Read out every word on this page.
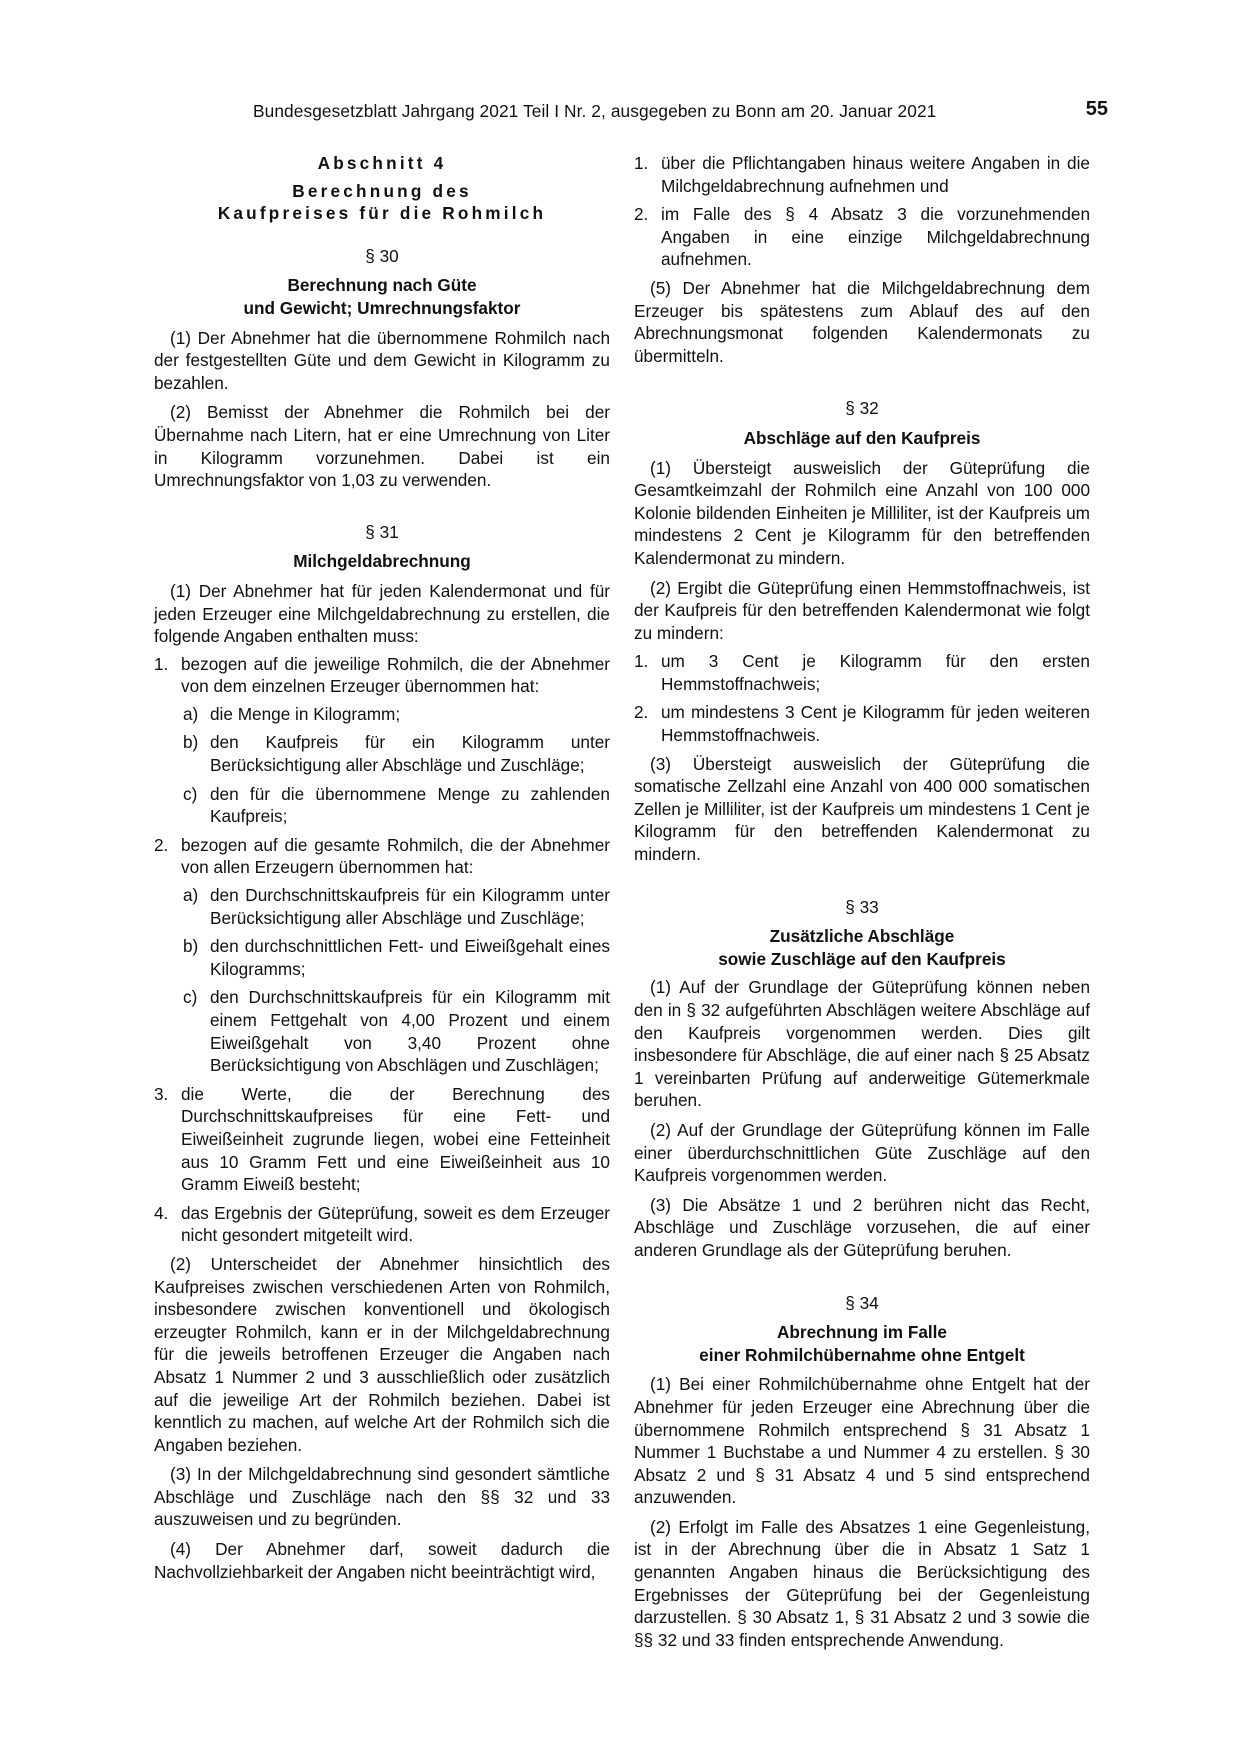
Bundesgesetzblatt Jahrgang 2021 Teil I Nr. 2, ausgegeben zu Bonn am 20. Januar 2021	55

Abschnitt 4

Berechnung des

Kaufpreises für die Rohmilch

§ 30

Berechnung nach Güte

und Gewicht; Umrechnungsfaktor

(1) Der Abnehmer hat die übernommene Rohmilch nach der festgestellten Güte und dem Gewicht in Kilogramm zu bezahlen.

(2) Bemisst der Abnehmer die Rohmilch bei der Übernahme nach Litern, hat er eine Umrechnung von Liter in Kilogramm vorzunehmen. Dabei ist ein Umrechnungsfaktor von 1,03 zu verwenden.

§ 31

Milchgeldabrechnung

(1) Der Abnehmer hat für jeden Kalendermonat und für jeden Erzeuger eine Milchgeldabrechnung zu erstellen, die folgende Angaben enthalten muss:

1. bezogen auf die jeweilige Rohmilch, die der Abnehmer von dem einzelnen Erzeuger übernommen hat:
a) die Menge in Kilogramm;
b) den Kaufpreis für ein Kilogramm unter Berücksichtigung aller Abschläge und Zuschläge;
c) den für die übernommene Menge zu zahlenden Kaufpreis;
2. bezogen auf die gesamte Rohmilch, die der Abnehmer von allen Erzeugern übernommen hat:
a) den Durchschnittskaufpreis für ein Kilogramm unter Berücksichtigung aller Abschläge und Zuschläge;
b) den durchschnittlichen Fett- und Eiweißgehalt eines Kilogramms;
c) den Durchschnittskaufpreis für ein Kilogramm mit einem Fettgehalt von 4,00 Prozent und einem Eiweißgehalt von 3,40 Prozent ohne Berücksichtigung von Abschlägen und Zuschlägen;
3. die Werte, die der Berechnung des Durchschnittskaufpreises für eine Fett- und Eiweißeinheit zugrunde liegen, wobei eine Fetteinheit aus 10 Gramm Fett und eine Eiweißeinheit aus 10 Gramm Eiweiß besteht;
4. das Ergebnis der Güteprüfung, soweit es dem Erzeuger nicht gesondert mitgeteilt wird.

(2) Unterscheidet der Abnehmer hinsichtlich des Kaufpreises zwischen verschiedenen Arten von Rohmilch, insbesondere zwischen konventionell und ökologisch erzeugter Rohmilch, kann er in der Milchgeldabrechnung für die jeweils betroffenen Erzeuger die Angaben nach Absatz 1 Nummer 2 und 3 ausschließlich oder zusätzlich auf die jeweilige Art der Rohmilch beziehen. Dabei ist kenntlich zu machen, auf welche Art der Rohmilch sich die Angaben beziehen.

(3) In der Milchgeldabrechnung sind gesondert sämtliche Abschläge und Zuschläge nach den §§ 32 und 33 auszuweisen und zu begründen.

(4) Der Abnehmer darf, soweit dadurch die Nachvollziehbarkeit der Angaben nicht beeinträchtigt wird,

1. über die Pflichtangaben hinaus weitere Angaben in die Milchgeldabrechnung aufnehmen und
2. im Falle des § 4 Absatz 3 die vorzunehmenden Angaben in eine einzige Milchgeldabrechnung aufnehmen.

(5) Der Abnehmer hat die Milchgeldabrechnung dem Erzeuger bis spätestens zum Ablauf des auf den Abrechnungsmonat folgenden Kalendermonats zu übermitteln.

§ 32

Abschläge auf den Kaufpreis

(1) Übersteigt ausweislich der Güteprüfung die Gesamtkeimzahl der Rohmilch eine Anzahl von 100 000 Kolonie bildenden Einheiten je Milliliter, ist der Kaufpreis um mindestens 2 Cent je Kilogramm für den betreffenden Kalendermonat zu mindern.

(2) Ergibt die Güteprüfung einen Hemmstoffnachweis, ist der Kaufpreis für den betreffenden Kalendermonat wie folgt zu mindern:

1. um 3 Cent je Kilogramm für den ersten Hemmstoffnachweis;
2. um mindestens 3 Cent je Kilogramm für jeden weiteren Hemmstoffnachweis.

(3) Übersteigt ausweislich der Güteprüfung die somatische Zellzahl eine Anzahl von 400 000 somatischen Zellen je Milliliter, ist der Kaufpreis um mindestens 1 Cent je Kilogramm für den betreffenden Kalendermonat zu mindern.

§ 33

Zusätzliche Abschläge

sowie Zuschläge auf den Kaufpreis

(1) Auf der Grundlage der Güteprüfung können neben den in § 32 aufgeführten Abschlägen weitere Abschläge auf den Kaufpreis vorgenommen werden. Dies gilt insbesondere für Abschläge, die auf einer nach § 25 Absatz 1 vereinbarten Prüfung auf anderweitige Gütemerkmale beruhen.

(2) Auf der Grundlage der Güteprüfung können im Falle einer überdurchschnittlichen Güte Zuschläge auf den Kaufpreis vorgenommen werden.

(3) Die Absätze 1 und 2 berühren nicht das Recht, Abschläge und Zuschläge vorzusehen, die auf einer anderen Grundlage als der Güteprüfung beruhen.

§ 34

Abrechnung im Falle

einer Rohmilchübernahme ohne Entgelt

(1) Bei einer Rohmilchübernahme ohne Entgelt hat der Abnehmer für jeden Erzeuger eine Abrechnung über die übernommene Rohmilch entsprechend § 31 Absatz 1 Nummer 1 Buchstabe a und Nummer 4 zu erstellen. § 30 Absatz 2 und § 31 Absatz 4 und 5 sind entsprechend anzuwenden.

(2) Erfolgt im Falle des Absatzes 1 eine Gegenleistung, ist in der Abrechnung über die in Absatz 1 Satz 1 genannten Angaben hinaus die Berücksichtigung des Ergebnisses der Güteprüfung bei der Gegenleistung darzustellen. § 30 Absatz 1, § 31 Absatz 2 und 3 sowie die §§ 32 und 33 finden entsprechende Anwendung.
